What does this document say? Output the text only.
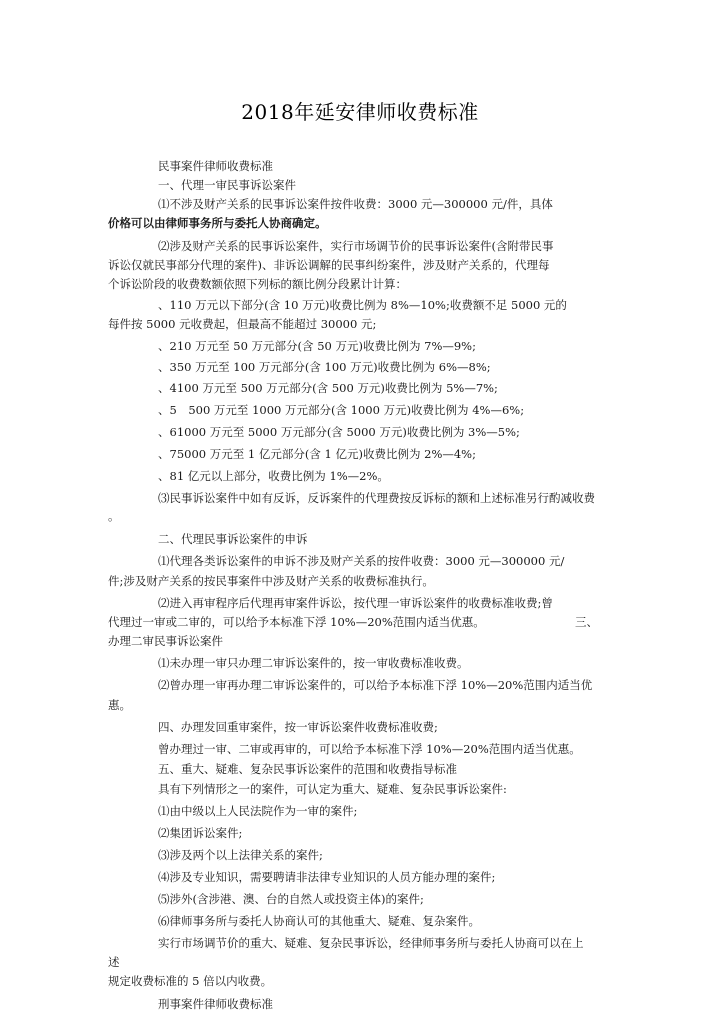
2018年延安律师收费标准
民事案件律师收费标准
一、代理一审民事诉讼案件
⑴不涉及财产关系的民事诉讼案件按件收费：3000 元—300000 元/件，具体
价格可以由律师事务所与委托人协商确定。
⑵涉及财产关系的民事诉讼案件，实行市场调节价的民事诉讼案件(含附带民事
诉讼仅就民事部分代理的案件)、非诉讼调解的民事纠纷案件，涉及财产关系的，代理每
个诉讼阶段的收费数额依照下列标的额比例分段累计计算：
、110 万元以下部分(含 10 万元)收费比例为 8%—10%;收费额不足 5000 元的
每件按 5000 元收费起，但最高不能超过 30000 元;
、210 万元至 50 万元部分(含 50 万元)收费比例为 7%—9%;
、350 万元至 100 万元部分(含 100 万元)收费比例为 6%—8%;
、4100 万元至 500 万元部分(含 500 万元)收费比例为 5%—7%;
、5　500 万元至 1000 万元部分(含 1000 万元)收费比例为 4%—6%;
、61000 万元至 5000 万元部分(含 5000 万元)收费比例为 3%—5%;
、75000 万元至 1 亿元部分(含 1 亿元)收费比例为 2%—4%;
、81 亿元以上部分，收费比例为 1%—2%。
⑶民事诉讼案件中如有反诉，反诉案件的代理费按反诉标的额和上述标准另行酌减收费
。
二、代理民事诉讼案件的申诉
⑴代理各类诉讼案件的申诉不涉及财产关系的按件收费：3000 元—300000 元/
件;涉及财产关系的按民事案件中涉及财产关系的收费标准执行。
⑵进入再审程序后代理再审案件诉讼，按代理一审诉讼案件的收费标准收费;曾
代理过一审或二审的，可以给予本标准下浮 10%—20%范围内适当优惠。	三、
办理二审民事诉讼案件
⑴未办理一审只办理二审诉讼案件的，按一审收费标准收费。
⑵曾办理一审再办理二审诉讼案件的，可以给予本标准下浮 10%—20%范围内适当优
惠。
四、办理发回重审案件，按一审诉讼案件收费标准收费;
曾办理过一审、二审或再审的，可以给予本标准下浮 10%—20%范围内适当优惠。
五、重大、疑难、复杂民事诉讼案件的范围和收费指导标准
具有下列情形之一的案件，可认定为重大、疑难、复杂民事诉讼案件:
⑴由中级以上人民法院作为一审的案件;
⑵集团诉讼案件;
⑶涉及两个以上法律关系的案件;
⑷涉及专业知识，需要聘请非法律专业知识的人员方能办理的案件;
⑸涉外(含涉港、澳、台的自然人或投资主体)的案件;
⑹律师事务所与委托人协商认可的其他重大、疑难、复杂案件。
实行市场调节价的重大、疑难、复杂民事诉讼，经律师事务所与委托人协商可以在上
述
规定收费标准的 5 倍以内收费。
刑事案件律师收费标准
